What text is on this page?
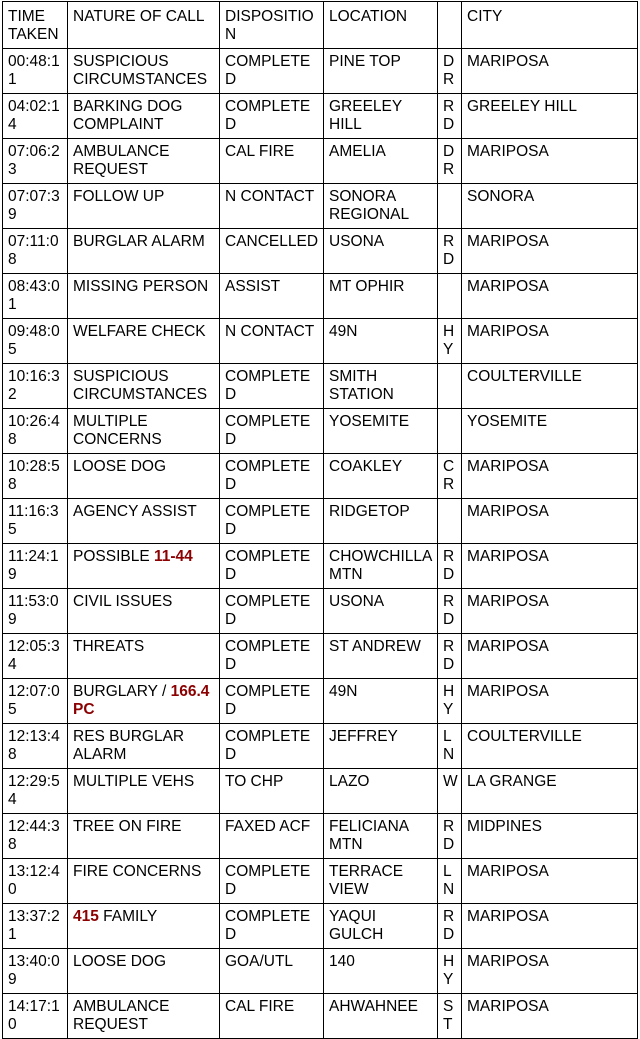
TIME TAKEN	NATURE OF CALL	DISPOSITION	LOCATION		CITY
00:48:11	SUSPICIOUS CIRCUMSTANCES	COMPLETED	PINE TOP	DR	MARIPOSA
04:02:14	BARKING DOG COMPLAINT	COMPLETED	GREELEY HILL	RD	GREELEY HILL
07:06:23	AMBULANCE REQUEST	CAL FIRE	AMELIA	DR	MARIPOSA
07:07:39	FOLLOW UP	N CONTACT	SONORA REGIONAL		SONORA
07:11:08	BURGLAR ALARM	CANCELLED	USONA	RD	MARIPOSA
08:43:01	MISSING PERSON	ASSIST	MT OPHIR		MARIPOSA
09:48:05	WELFARE CHECK	N CONTACT	49N	HY	MARIPOSA
10:16:32	SUSPICIOUS CIRCUMSTANCES	COMPLETED	SMITH STATION		COULTERVILLE
10:26:48	MULTIPLE CONCERNS	COMPLETED	YOSEMITE		YOSEMITE
10:28:58	LOOSE DOG	COMPLETED	COAKLEY	CR	MARIPOSA
11:16:35	AGENCY ASSIST	COMPLETED	RIDGETOP		MARIPOSA
11:24:19	POSSIBLE 11-44	COMPLETED	CHOWCHILLA MTN	RD	MARIPOSA
11:53:09	CIVIL ISSUES	COMPLETED	USONA	RD	MARIPOSA
12:05:34	THREATS	COMPLETED	ST ANDREW	RD	MARIPOSA
12:07:05	BURGLARY / 166.4 PC	COMPLETED	49N	HY	MARIPOSA
12:13:48	RES BURGLAR ALARM	COMPLETED	JEFFREY	LN	COULTERVILLE
12:29:54	MULTIPLE VEHS	TO CHP	LAZO	W	LA GRANGE
12:44:38	TREE ON FIRE	FAXED ACF	FELICIANA MTN	RD	MIDPINES
13:12:40	FIRE CONCERNS	COMPLETED	TERRACE VIEW	LN	MARIPOSA
13:37:21	415 FAMILY	COMPLETED	YAQUI GULCH	RD	MARIPOSA
13:40:09	LOOSE DOG	GOA/UTL	140	HY	MARIPOSA
14:17:10	AMBULANCE REQUEST	CAL FIRE	AHWAHNEE	ST	MARIPOSA
